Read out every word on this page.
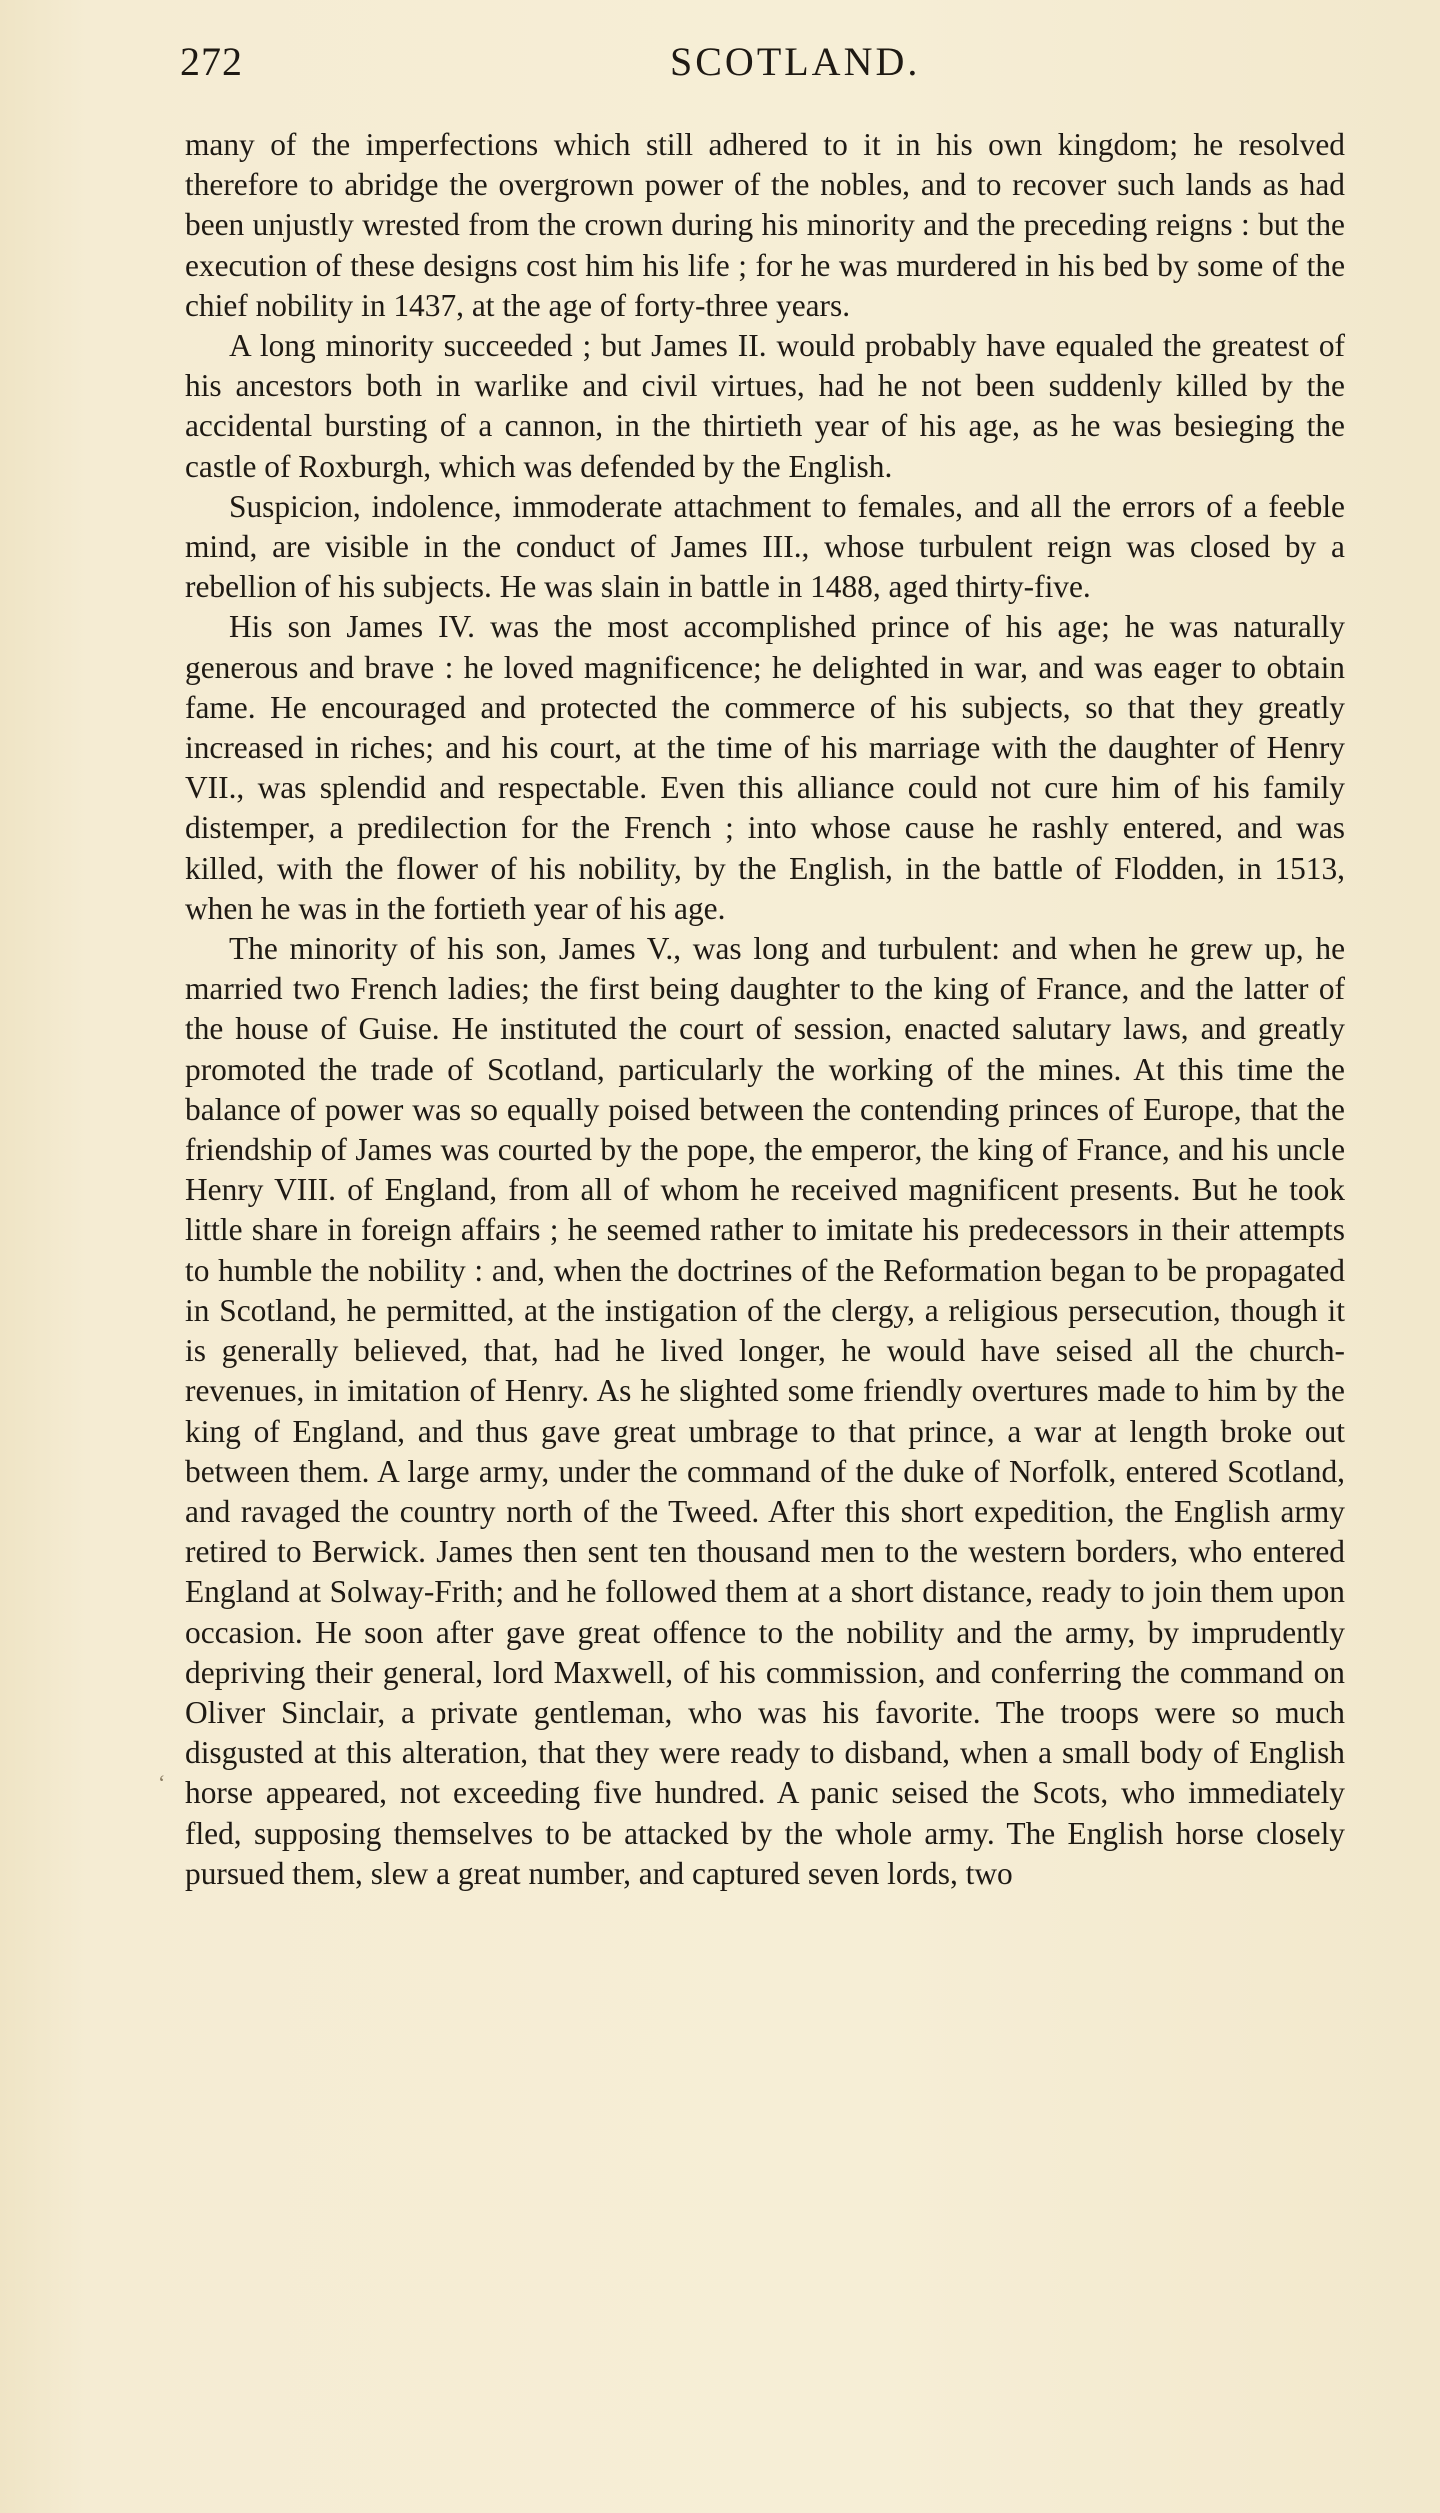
272	SCOTLAND.

many of the imperfections which still adhered to it in his own kingdom; he resolved therefore to abridge the overgrown power of the nobles, and to recover such lands as had been unjustly wrested from the crown during his minority and the preceding reigns : but the execution of these designs cost him his life ; for he was murdered in his bed by some of the chief nobility in 1437, at the age of forty-three years.

A long minority succeeded ; but James II. would probably have equaled the greatest of his ancestors both in warlike and civil virtues, had he not been suddenly killed by the accidental bursting of a cannon, in the thirtieth year of his age, as he was besieging the castle of Roxburgh, which was defended by the English.

Suspicion, indolence, immoderate attachment to females, and all the errors of a feeble mind, are visible in the conduct of James III., whose turbulent reign was closed by a rebellion of his subjects. He was slain in battle in 1488, aged thirty-five.

His son James IV. was the most accomplished prince of his age; he was naturally generous and brave : he loved magnificence; he delighted in war, and was eager to obtain fame. He encouraged and protected the commerce of his subjects, so that they greatly increased in riches; and his court, at the time of his marriage with the daughter of Henry VII., was splendid and respectable. Even this alliance could not cure him of his family distemper, a predilection for the French ; into whose cause he rashly entered, and was killed, with the flower of his nobility, by the English, in the battle of Flodden, in 1513, when he was in the fortieth year of his age.

The minority of his son, James V., was long and turbulent: and when he grew up, he married two French ladies; the first being daughter to the king of France, and the latter of the house of Guise. He instituted the court of session, enacted salutary laws, and greatly promoted the trade of Scotland, particularly the working of the mines. At this time the balance of power was so equally poised between the contending princes of Europe, that the friendship of James was courted by the pope, the emperor, the king of France, and his uncle Henry VIII. of England, from all of whom he received magnificent presents. But he took little share in foreign affairs ; he seemed rather to imitate his predecessors in their attempts to humble the nobility : and, when the doctrines of the Reformation began to be propagated in Scotland, he permitted, at the instigation of the clergy, a religious persecution, though it is generally believed, that, had he lived longer, he would have seised all the church-revenues, in imitation of Henry. As he slighted some friendly overtures made to him by the king of England, and thus gave great umbrage to that prince, a war at length broke out between them. A large army, under the command of the duke of Norfolk, entered Scotland, and ravaged the country north of the Tweed. After this short expedition, the English army retired to Berwick. James then sent ten thousand men to the western borders, who entered England at Solway-Frith; and he followed them at a short distance, ready to join them upon occasion. He soon after gave great offence to the nobility and the army, by imprudently depriving their general, lord Maxwell, of his commission, and conferring the command on Oliver Sinclair, a private gentleman, who was his favorite. The troops were so much disgusted at this alteration, that they were ready to disband, when a small body of English horse appeared, not exceeding five hundred. A panic seised the Scots, who immediately fled, supposing themselves to be attacked by the whole army. The English horse closely pursued them, slew a great number, and captured seven lords, two

‘
